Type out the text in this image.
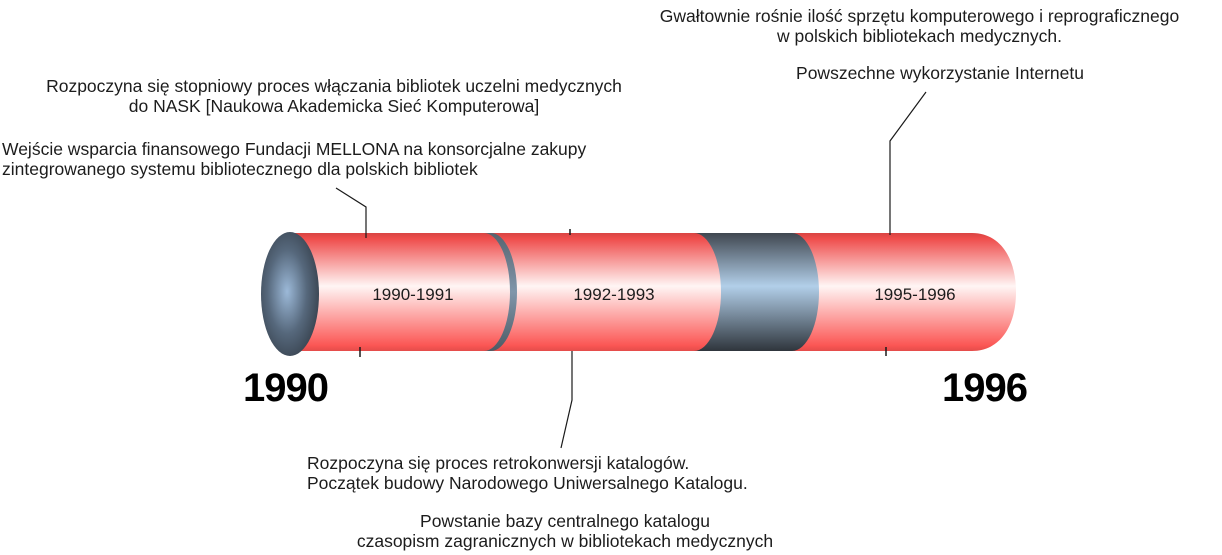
1990-1991	1992-1993	1995-1996
1990	1996
Gwałtownie rośnie ilość sprzętu komputerowego i reprograficznego
w polskich bibliotekach medycznych.
Powszechne wykorzystanie Internetu
Rozpoczyna się stopniowy proces włączania bibliotek uczelni medycznych
do NASK [Naukowa Akademicka Sieć Komputerowa]
Wejście wsparcia finansowego Fundacji MELLONA na konsorcjalne zakupy
zintegrowanego systemu bibliotecznego dla polskich bibliotek
Rozpoczyna się proces retrokonwersji katalogów.
Początek budowy Narodowego Uniwersalnego Katalogu.
Powstanie bazy centralnego katalogu
czasopism zagranicznych w bibliotekach medycznych
